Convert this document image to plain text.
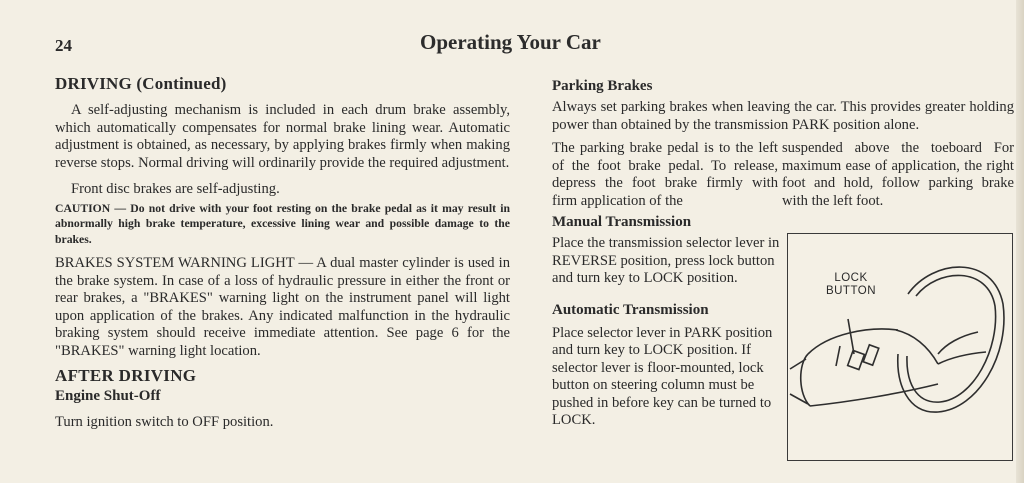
24	Operating Your Car
DRIVING (Continued)

A self-adjusting mechanism is included in each drum brake assembly, which automatically compensates for normal brake lining wear. Automatic adjustment is obtained, as necessary, by applying brakes firmly when making reverse stops. Normal driving will ordinarily provide the required adjustment.

Front disc brakes are self-adjusting.

CAUTION — Do not drive with your foot resting on the brake pedal as it may result in abnormally high brake temperature, excessive lining wear and possible damage to the brakes.

BRAKES SYSTEM WARNING LIGHT — A dual master cylinder is used in the brake system. In case of a loss of hydraulic pressure in either the front or rear brakes, a "BRAKES" warning light on the instrument panel will light upon application of the brakes. Any indicated malfunction in the hydraulic braking system should receive immediate attention. See page 6 for the "BRAKES" warning light location.

AFTER DRIVING
Engine Shut-Off

Turn ignition switch to OFF position.

Parking Brakes

Always set parking brakes when leaving the car. This provides greater holding power than obtained by the transmission PARK position alone.

The parking brake pedal is to the left of the foot brake pedal. To release, depress the foot brake firmly with firm application of the
suspended above the toeboard For maximum ease of application, the right foot and hold, follow parking brake with the left foot.
Manual Transmission

Place the transmission selector lever in REVERSE position, press lock button and turn key to LOCK position.

Automatic Transmission

Place selector lever in PARK position and turn key to LOCK position. If selector lever is floor-mounted, lock button on steering column must be pushed in before key can be turned to LOCK.

LOCK
BUTTON
